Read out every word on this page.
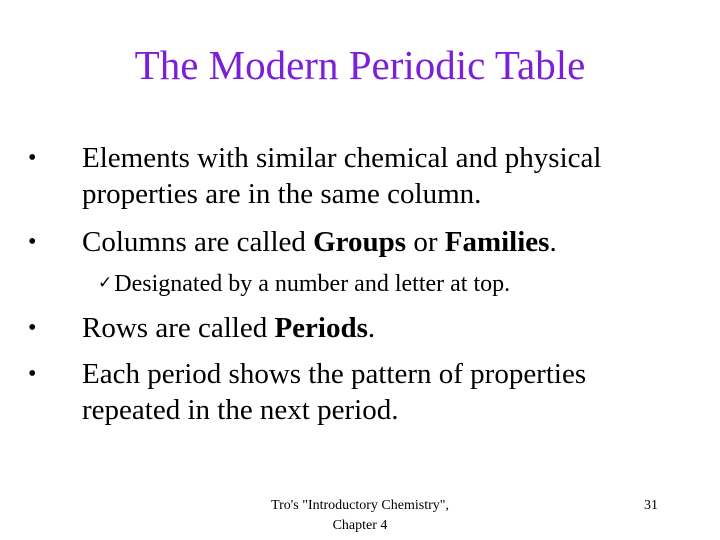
The Modern Periodic Table
•	Elements with similar chemical and physical
properties are in the same column.
•	Columns are called Groups or Families.
✓Designated by a number and letter at top.
•	Rows are called Periods.
•	Each period shows the pattern of properties
repeated in the next period.
Tro's "Introductory Chemistry",
Chapter 4
31
